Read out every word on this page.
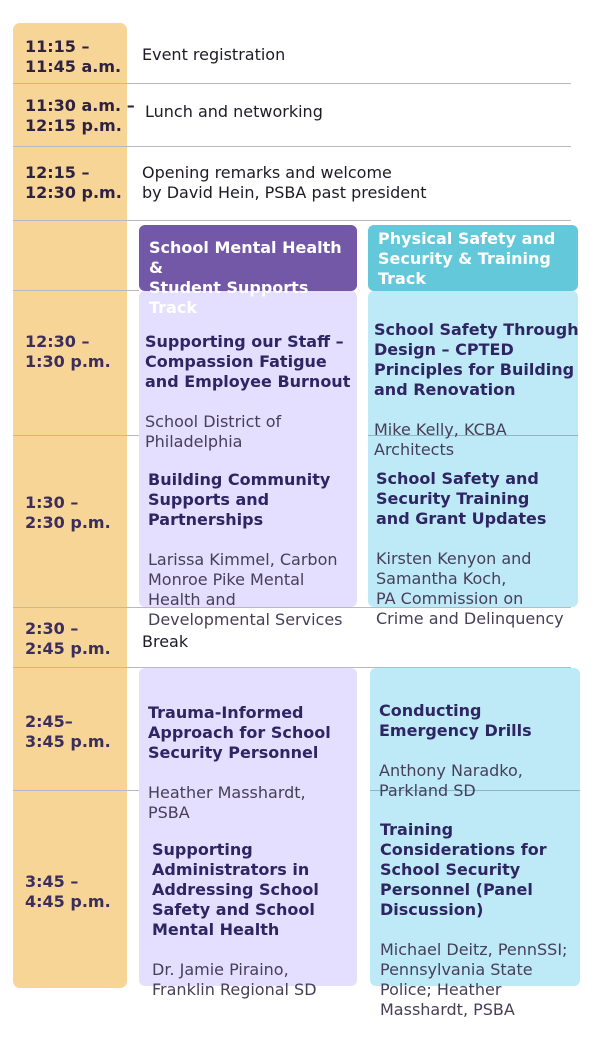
11:15 –
11:45 a.m.
Event registration
11:30 a.m. –
12:15 p.m.
Lunch and networking
12:15 –
12:30 p.m.
Opening remarks and welcome
by David Hein, PSBA past president
School Mental Health &
Student Supports Track
Physical Safety and
Security & Training
Track
12:30 –
1:30 p.m.

Supporting our Staff –
Compassion Fatigue
and Employee Burnout

School District of
Philadelphia

School Safety Through
Design – CPTED
Principles for Building
and Renovation

Mike Kelly, KCBA
Architects

1:30 –
2:30 p.m.

Building Community
Supports and
Partnerships

Larissa Kimmel, Carbon
Monroe Pike Mental
Health and
Developmental Services

School Safety and
Security Training
and Grant Updates

Kirsten Kenyon and
Samantha Koch,
PA Commission on
Crime and Delinquency

2:30 –
2:45 p.m. Break
2:45–
3:45 p.m.

Trauma-Informed
Approach for School
Security Personnel

Heather Masshardt,
PSBA

Conducting
Emergency Drills

Anthony Naradko,
Parkland SD

3:45 –
4:45 p.m.

Supporting
Administrators in
Addressing School
Safety and School
Mental Health

Dr. Jamie Piraino,
Franklin Regional SD

Training
Considerations for
School Security
Personnel (Panel
Discussion)

Michael Deitz, PennSSI;
Pennsylvania State
Police; Heather
Masshardt, PSBA
